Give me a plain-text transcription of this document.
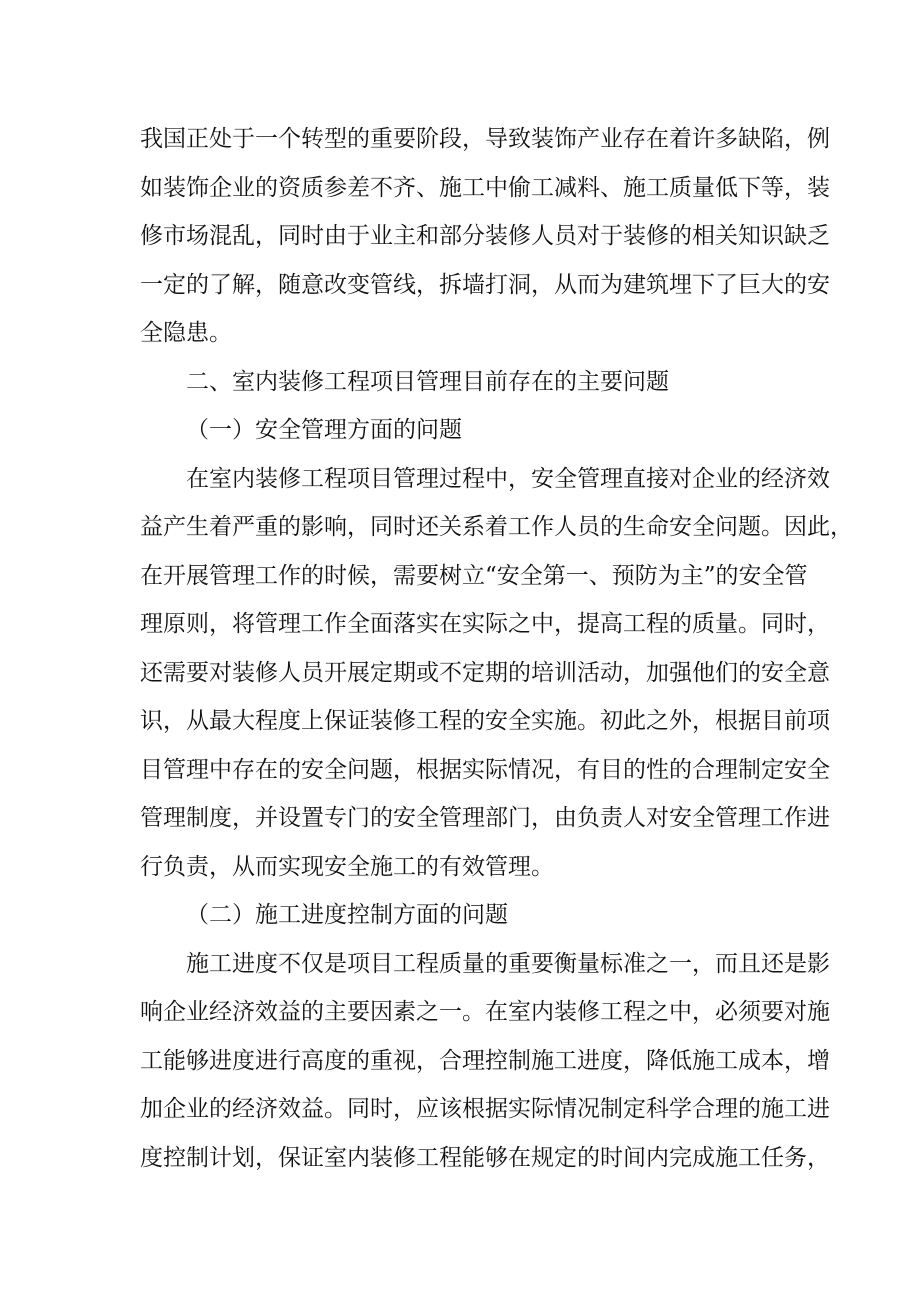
我国正处于一个转型的重要阶段，导致装饰产业存在着许多缺陷，例
如装饰企业的资质参差不齐、施工中偷工减料、施工质量低下等，装
修市场混乱，同时由于业主和部分装修人员对于装修的相关知识缺乏
一定的了解，随意改变管线，拆墙打洞，从而为建筑埋下了巨大的安
全隐患。
二、室内装修工程项目管理目前存在的主要问题
（一）安全管理方面的问题
在室内装修工程项目管理过程中，安全管理直接对企业的经济效
益产生着严重的影响，同时还关系着工作人员的生命安全问题。因此，
在开展管理工作的时候，需要树立“安全第一、预防为主”的安全管
理原则，将管理工作全面落实在实际之中，提高工程的质量。同时，
还需要对装修人员开展定期或不定期的培训活动，加强他们的安全意
识，从最大程度上保证装修工程的安全实施。初此之外，根据目前项
目管理中存在的安全问题，根据实际情况，有目的性的合理制定安全
管理制度，并设置专门的安全管理部门，由负责人对安全管理工作进
行负责，从而实现安全施工的有效管理。
（二）施工进度控制方面的问题
施工进度不仅是项目工程质量的重要衡量标准之一，而且还是影
响企业经济效益的主要因素之一。在室内装修工程之中，必须要对施
工能够进度进行高度的重视，合理控制施工进度，降低施工成本，增
加企业的经济效益。同时，应该根据实际情况制定科学合理的施工进
度控制计划，保证室内装修工程能够在规定的时间内完成施工任务，
